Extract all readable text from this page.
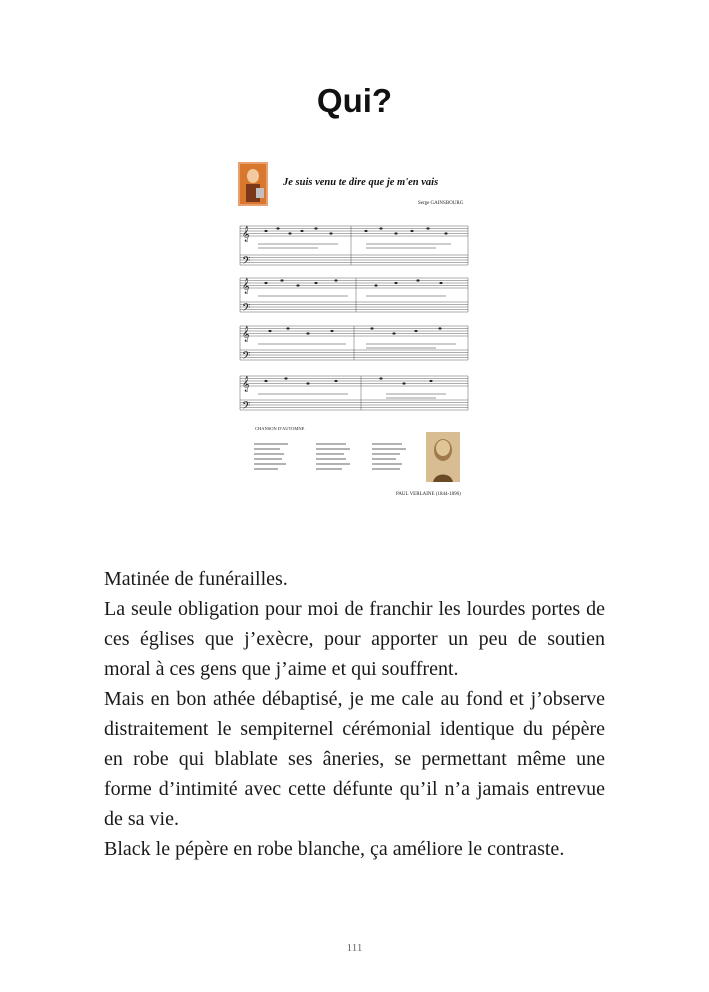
Qui?
𝄞
𝄢
𝄞
𝄢
𝄞
𝄢
𝄞
𝄢
Je suis venu te dire que je m'en vais
Serge GAINSBOURG
CHANSON D'AUTOMNE
PAUL VERLAINE (1844-1896)

Matinée de funérailles.

La seule obligation pour moi de franchir les lourdes portes de ces églises que j’exècre, pour apporter un peu de soutien moral à ces gens que j’aime et qui souffrent.

Mais en bon athée débaptisé, je me cale au fond et j’observe distraitement le sempiternel cérémonial identique du pépère en robe qui blablate ses âneries, se permettant même une forme d’intimité avec cette défunte qu’il n’a jamais entrevue de sa vie.

Black le pépère en robe blanche, ça améliore le contraste.

111
